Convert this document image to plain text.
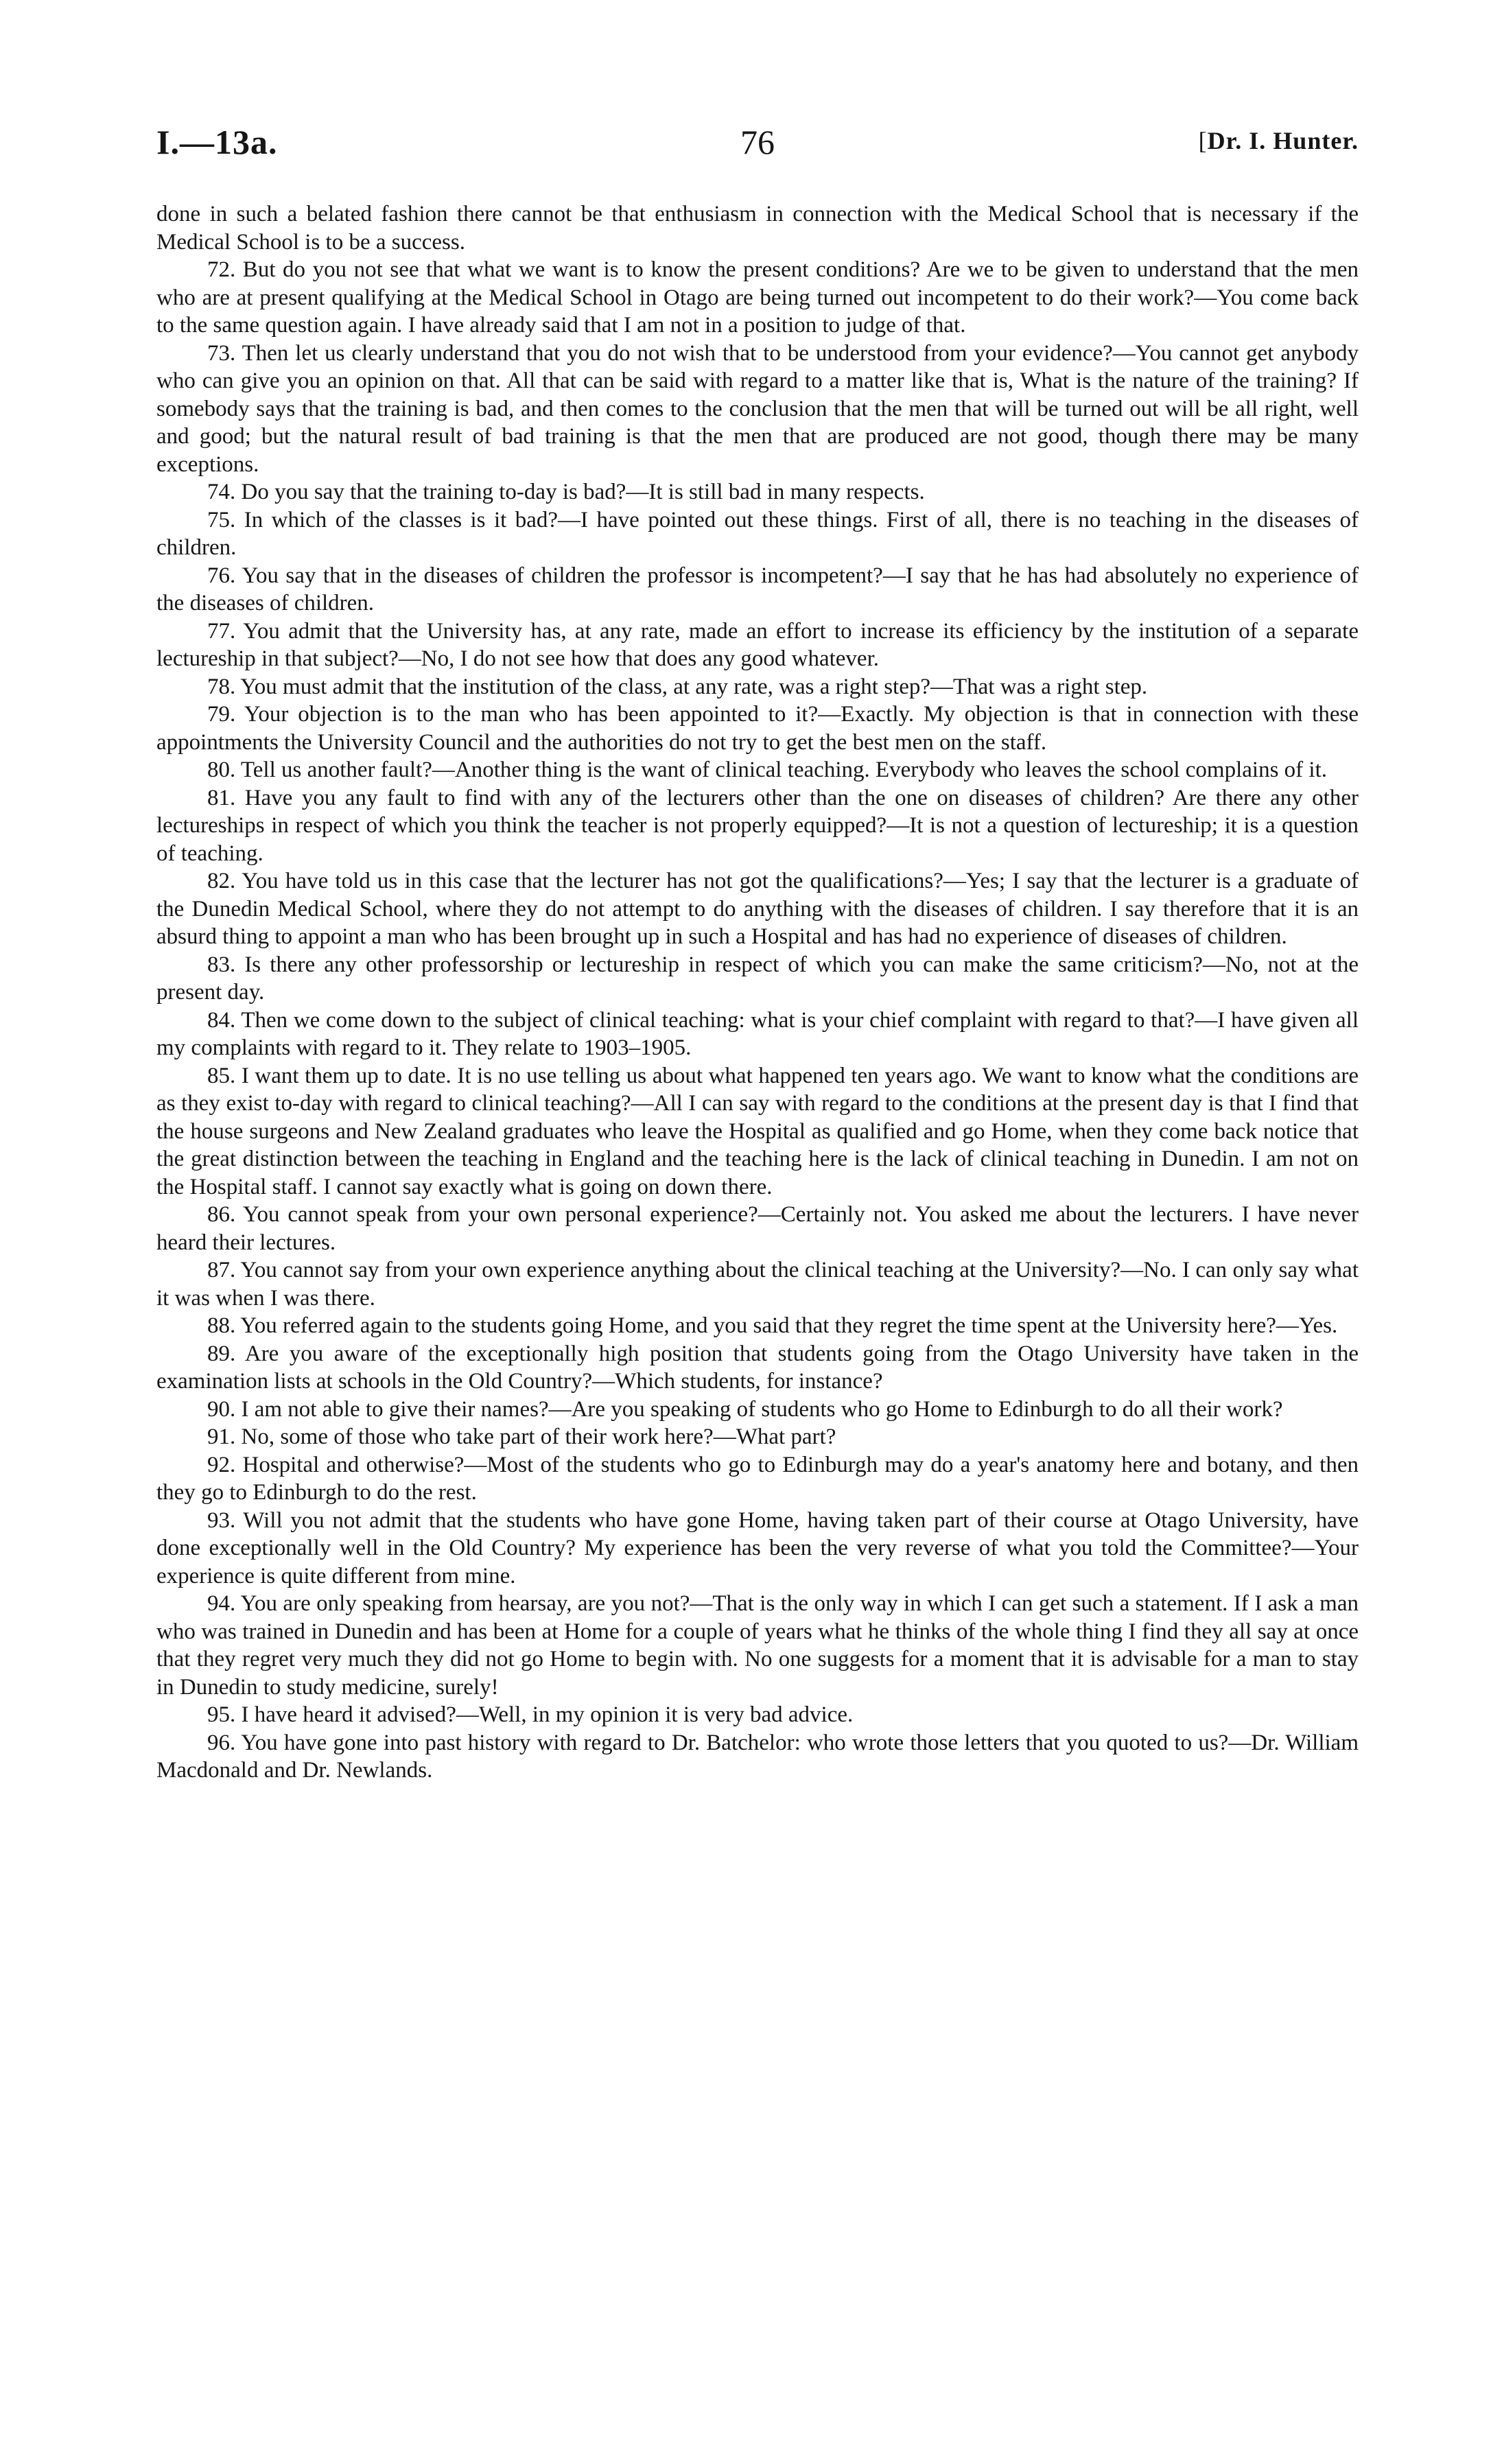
I.—13a.	76	[Dr. I. Hunter.

done in such a belated fashion there cannot be that enthusiasm in connection with the Medical School that is necessary if the Medical School is to be a success.

72. But do you not see that what we want is to know the present conditions? Are we to be given to understand that the men who are at present qualifying at the Medical School in Otago are being turned out incompetent to do their work?—You come back to the same question again. I have already said that I am not in a position to judge of that.

73. Then let us clearly understand that you do not wish that to be understood from your evidence?—You cannot get anybody who can give you an opinion on that. All that can be said with regard to a matter like that is, What is the nature of the training? If somebody says that the training is bad, and then comes to the conclusion that the men that will be turned out will be all right, well and good; but the natural result of bad training is that the men that are produced are not good, though there may be many exceptions.

74. Do you say that the training to-day is bad?—It is still bad in many respects.

75. In which of the classes is it bad?—I have pointed out these things. First of all, there is no teaching in the diseases of children.

76. You say that in the diseases of children the professor is incompetent?—I say that he has had absolutely no experience of the diseases of children.

77. You admit that the University has, at any rate, made an effort to increase its efficiency by the institution of a separate lectureship in that subject?—No, I do not see how that does any good whatever.

78. You must admit that the institution of the class, at any rate, was a right step?—That was a right step.

79. Your objection is to the man who has been appointed to it?—Exactly. My objection is that in connection with these appointments the University Council and the authorities do not try to get the best men on the staff.

80. Tell us another fault?—Another thing is the want of clinical teaching. Everybody who leaves the school complains of it.

81. Have you any fault to find with any of the lecturers other than the one on diseases of children? Are there any other lectureships in respect of which you think the teacher is not properly equipped?—It is not a question of lectureship; it is a question of teaching.

82. You have told us in this case that the lecturer has not got the qualifications?—Yes; I say that the lecturer is a graduate of the Dunedin Medical School, where they do not attempt to do anything with the diseases of children. I say therefore that it is an absurd thing to appoint a man who has been brought up in such a Hospital and has had no experience of diseases of children.

83. Is there any other professorship or lectureship in respect of which you can make the same criticism?—No, not at the present day.

84. Then we come down to the subject of clinical teaching: what is your chief complaint with regard to that?—I have given all my complaints with regard to it. They relate to 1903–1905.

85. I want them up to date. It is no use telling us about what happened ten years ago. We want to know what the conditions are as they exist to-day with regard to clinical teaching?—All I can say with regard to the conditions at the present day is that I find that the house surgeons and New Zealand graduates who leave the Hospital as qualified and go Home, when they come back notice that the great distinction between the teaching in England and the teaching here is the lack of clinical teaching in Dunedin. I am not on the Hospital staff. I cannot say exactly what is going on down there.

86. You cannot speak from your own personal experience?—Certainly not. You asked me about the lecturers. I have never heard their lectures.

87. You cannot say from your own experience anything about the clinical teaching at the University?—No. I can only say what it was when I was there.

88. You referred again to the students going Home, and you said that they regret the time spent at the University here?—Yes.

89. Are you aware of the exceptionally high position that students going from the Otago University have taken in the examination lists at schools in the Old Country?—Which students, for instance?

90. I am not able to give their names?—Are you speaking of students who go Home to Edinburgh to do all their work?

91. No, some of those who take part of their work here?—What part?

92. Hospital and otherwise?—Most of the students who go to Edinburgh may do a year's anatomy here and botany, and then they go to Edinburgh to do the rest.

93. Will you not admit that the students who have gone Home, having taken part of their course at Otago University, have done exceptionally well in the Old Country? My experience has been the very reverse of what you told the Committee?—Your experience is quite different from mine.

94. You are only speaking from hearsay, are you not?—That is the only way in which I can get such a statement. If I ask a man who was trained in Dunedin and has been at Home for a couple of years what he thinks of the whole thing I find they all say at once that they regret very much they did not go Home to begin with. No one suggests for a moment that it is advisable for a man to stay in Dunedin to study medicine, surely!

95. I have heard it advised?—Well, in my opinion it is very bad advice.

96. You have gone into past history with regard to Dr. Batchelor: who wrote those letters that you quoted to us?—Dr. William Macdonald and Dr. Newlands.
